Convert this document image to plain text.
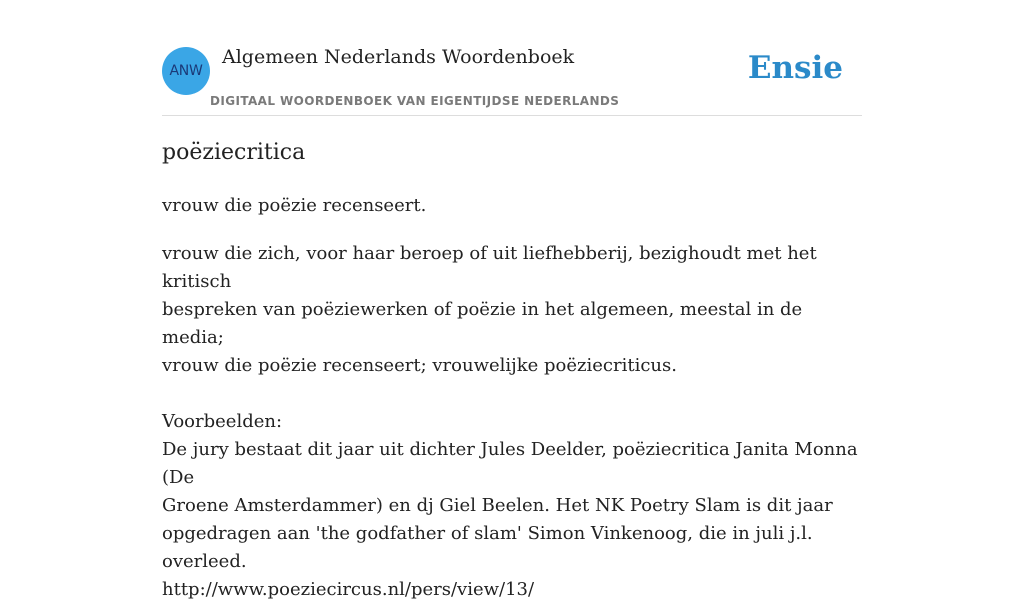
ANW
Algemeen Nederlands Woordenboek
DIGITAAL WOORDENBOEK VAN EIGENTIJDSE NEDERLANDS
Ensie
poëziecritica
vrouw die poëzie recenseert.

vrouw die zich, voor haar beroep of uit liefhebberij, bezighoudt met het kritisch

bespreken van poëziewerken of poëzie in het algemeen, meestal in de media;

vrouw die poëzie recenseert; vrouwelijke poëziecriticus.

Voorbeelden:

De jury bestaat dit jaar uit dichter Jules Deelder, poëziecritica Janita Monna (De

Groene Amsterdammer) en dj Giel Beelen. Het NK Poetry Slam is dit jaar

opgedragen aan 'the godfather of slam' Simon Vinkenoog, die in juli j.l. overleed.

http://www.poeziecircus.nl/pers/view/13/
